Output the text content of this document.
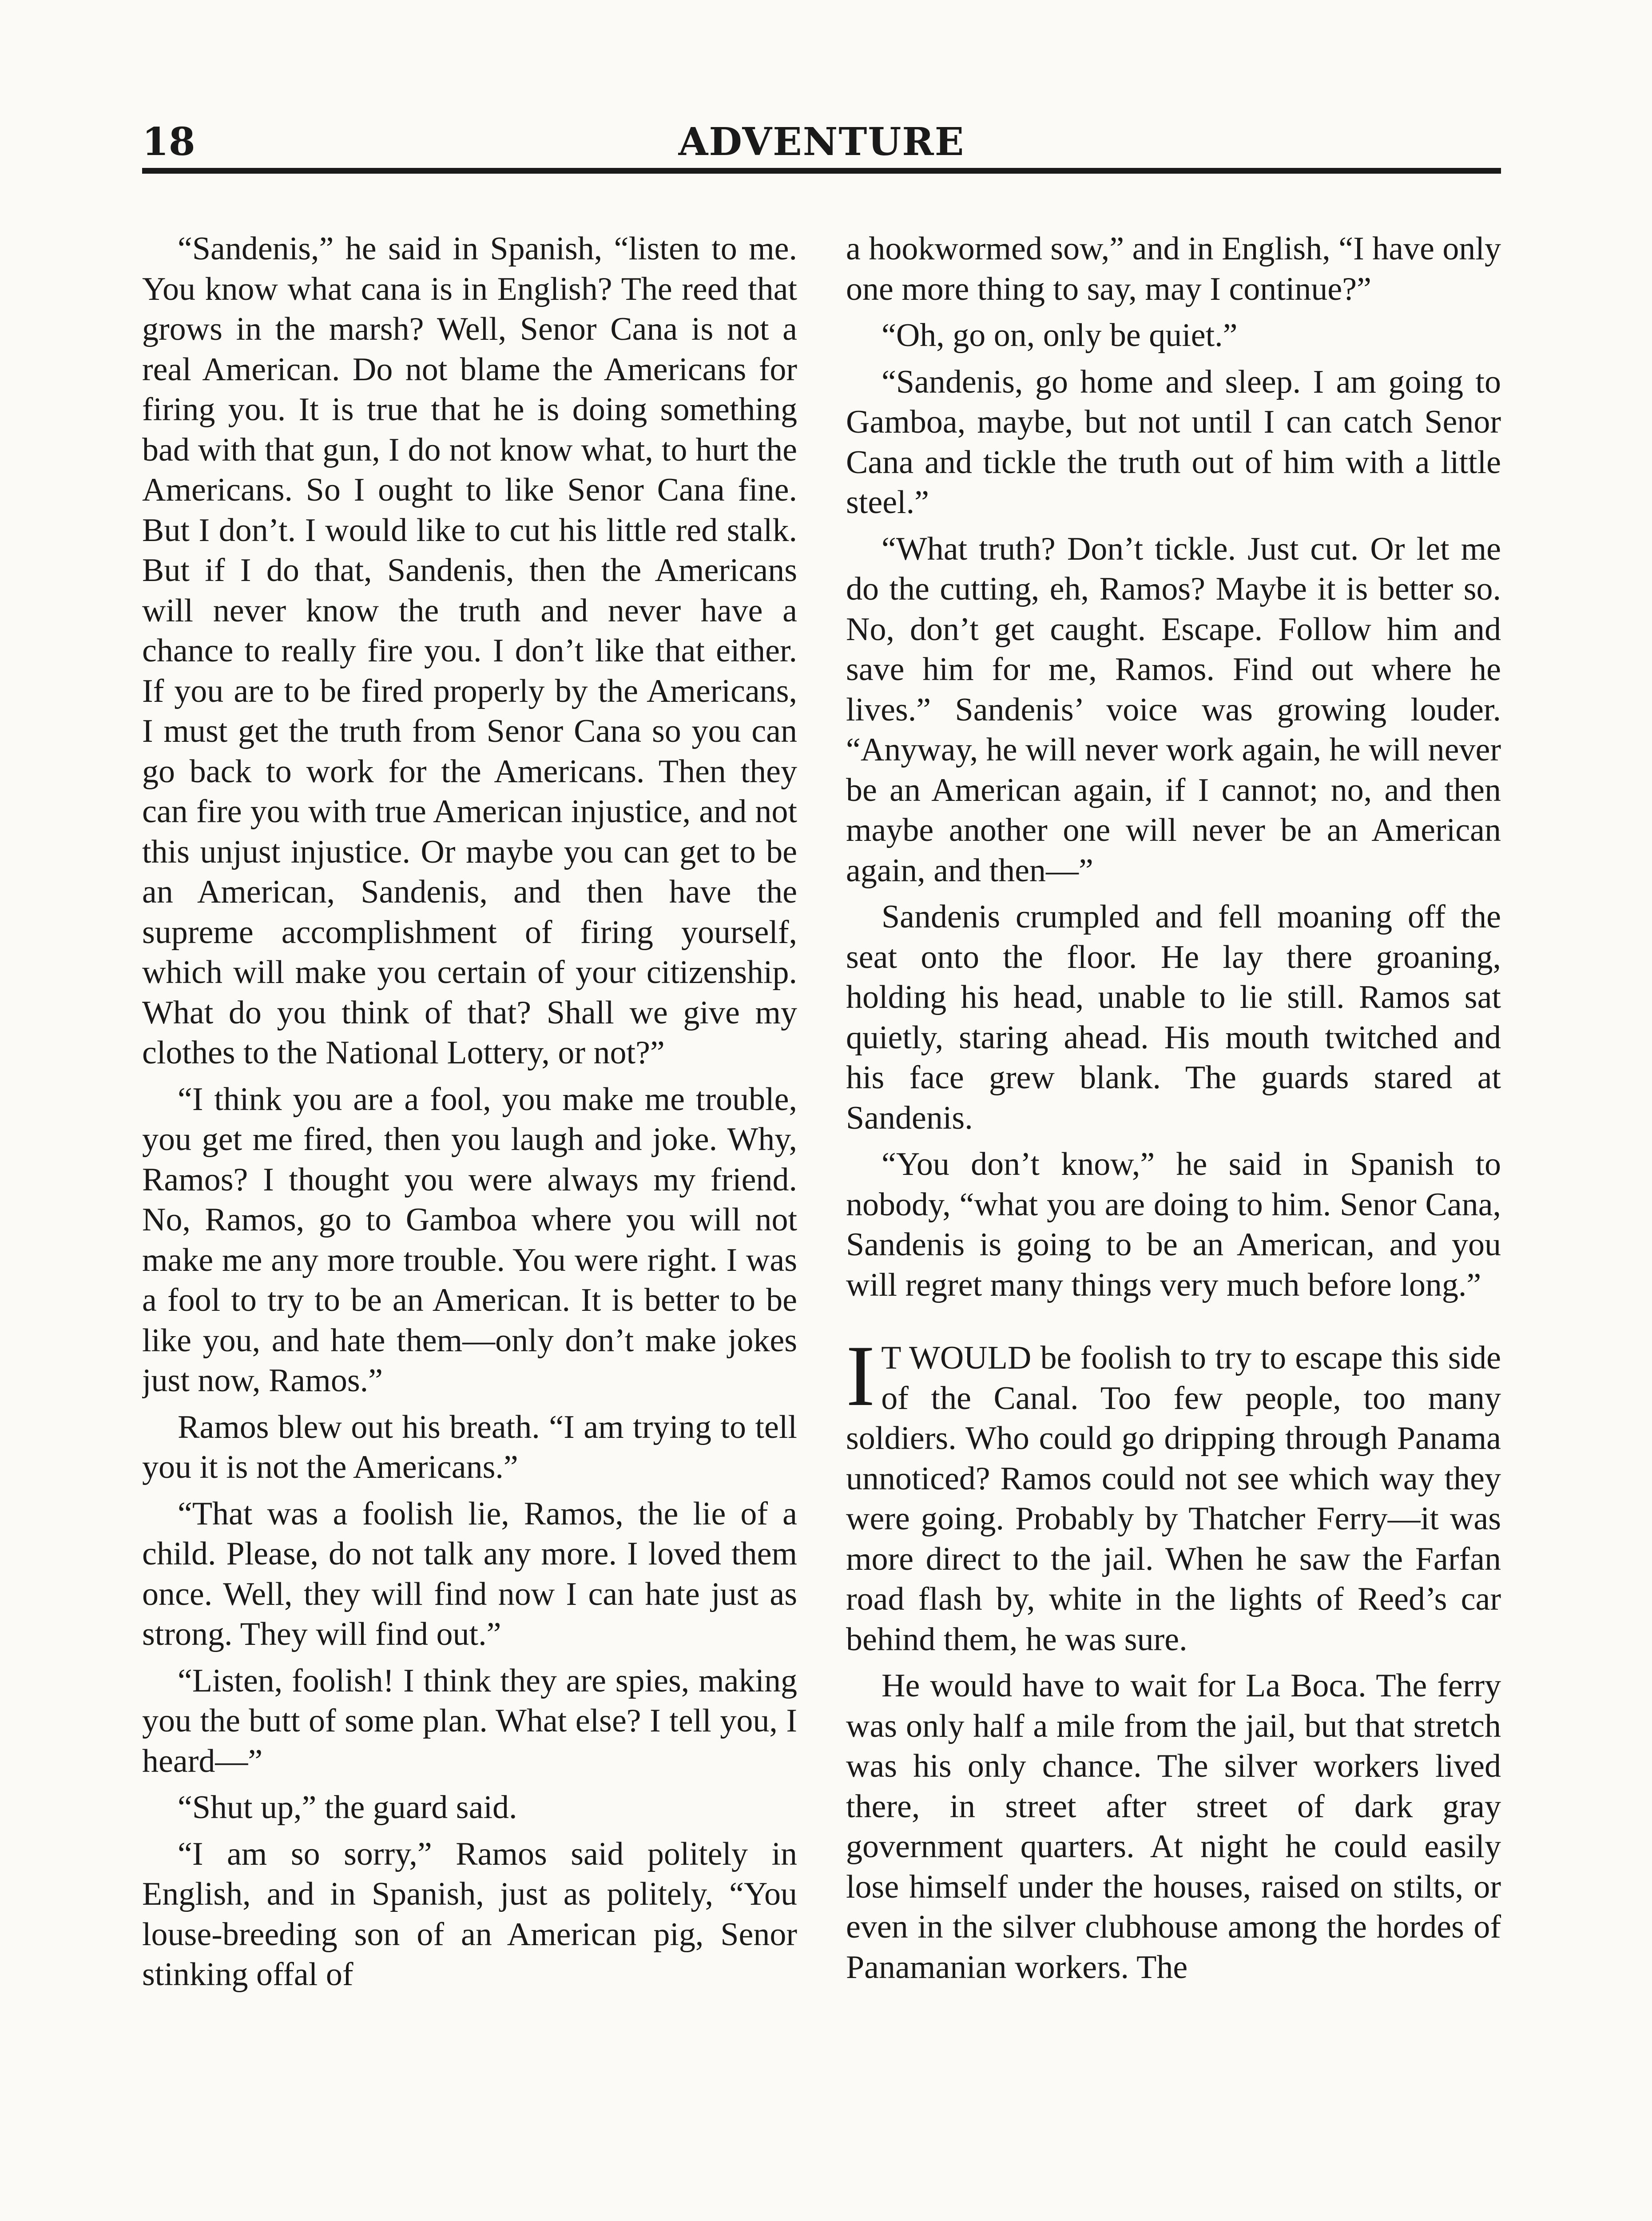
18	ADVENTURE

“Sandenis,” he said in Spanish, “listen to me. You know what cana is in English? The reed that grows in the marsh? Well, Senor Cana is not a real American. Do not blame the Americans for firing you. It is true that he is doing something bad with that gun, I do not know what, to hurt the Americans. So I ought to like Senor Cana fine. But I don’t. I would like to cut his little red stalk. But if I do that, Sandenis, then the Americans will never know the truth and never have a chance to really fire you. I don’t like that either. If you are to be fired properly by the Americans, I must get the truth from Senor Cana so you can go back to work for the Americans. Then they can fire you with true American injustice, and not this unjust injustice. Or maybe you can get to be an American, Sandenis, and then have the supreme accomplishment of firing yourself, which will make you certain of your citizenship. What do you think of that? Shall we give my clothes to the National Lottery, or not?”

“I think you are a fool, you make me trouble, you get me fired, then you laugh and joke. Why, Ramos? I thought you were always my friend. No, Ramos, go to Gamboa where you will not make me any more trouble. You were right. I was a fool to try to be an American. It is better to be like you, and hate them—only don’t make jokes just now, Ramos.”

Ramos blew out his breath. “I am trying to tell you it is not the Americans.”

“That was a foolish lie, Ramos, the lie of a child. Please, do not talk any more. I loved them once. Well, they will find now I can hate just as strong. They will find out.”

“Listen, foolish! I think they are spies, making you the butt of some plan. What else? I tell you, I heard—”

“Shut up,” the guard said.

“I am so sorry,” Ramos said politely in English, and in Spanish, just as politely, “You louse-breeding son of an American pig, Senor stinking offal of

a hookwormed sow,” and in English, “I have only one more thing to say, may I continue?”

“Oh, go on, only be quiet.”

“Sandenis, go home and sleep. I am going to Gamboa, maybe, but not until I can catch Senor Cana and tickle the truth out of him with a little steel.”

“What truth? Don’t tickle. Just cut. Or let me do the cutting, eh, Ramos? Maybe it is better so. No, don’t get caught. Escape. Follow him and save him for me, Ramos. Find out where he lives.” Sandenis’ voice was growing louder. “Anyway, he will never work again, he will never be an American again, if I cannot; no, and then maybe another one will never be an American again, and then—”

Sandenis crumpled and fell moaning off the seat onto the floor. He lay there groaning, holding his head, unable to lie still. Ramos sat quietly, staring ahead. His mouth twitched and his face grew blank. The guards stared at Sandenis.

“You don’t know,” he said in Spanish to nobody, “what you are doing to him. Senor Cana, Sandenis is going to be an American, and you will regret many things very much before long.”

I T WOULD be foolish to try to escape this side of the Canal. Too few people, too many soldiers. Who could go dripping through Panama unnoticed? Ramos could not see which way they were going. Probably by Thatcher Ferry—it was more direct to the jail. When he saw the Farfan road flash by, white in the lights of Reed’s car behind them, he was sure.

He would have to wait for La Boca. The ferry was only half a mile from the jail, but that stretch was his only chance. The silver workers lived there, in street after street of dark gray government quarters. At night he could easily lose himself under the houses, raised on stilts, or even in the silver clubhouse among the hordes of Panamanian workers. The
